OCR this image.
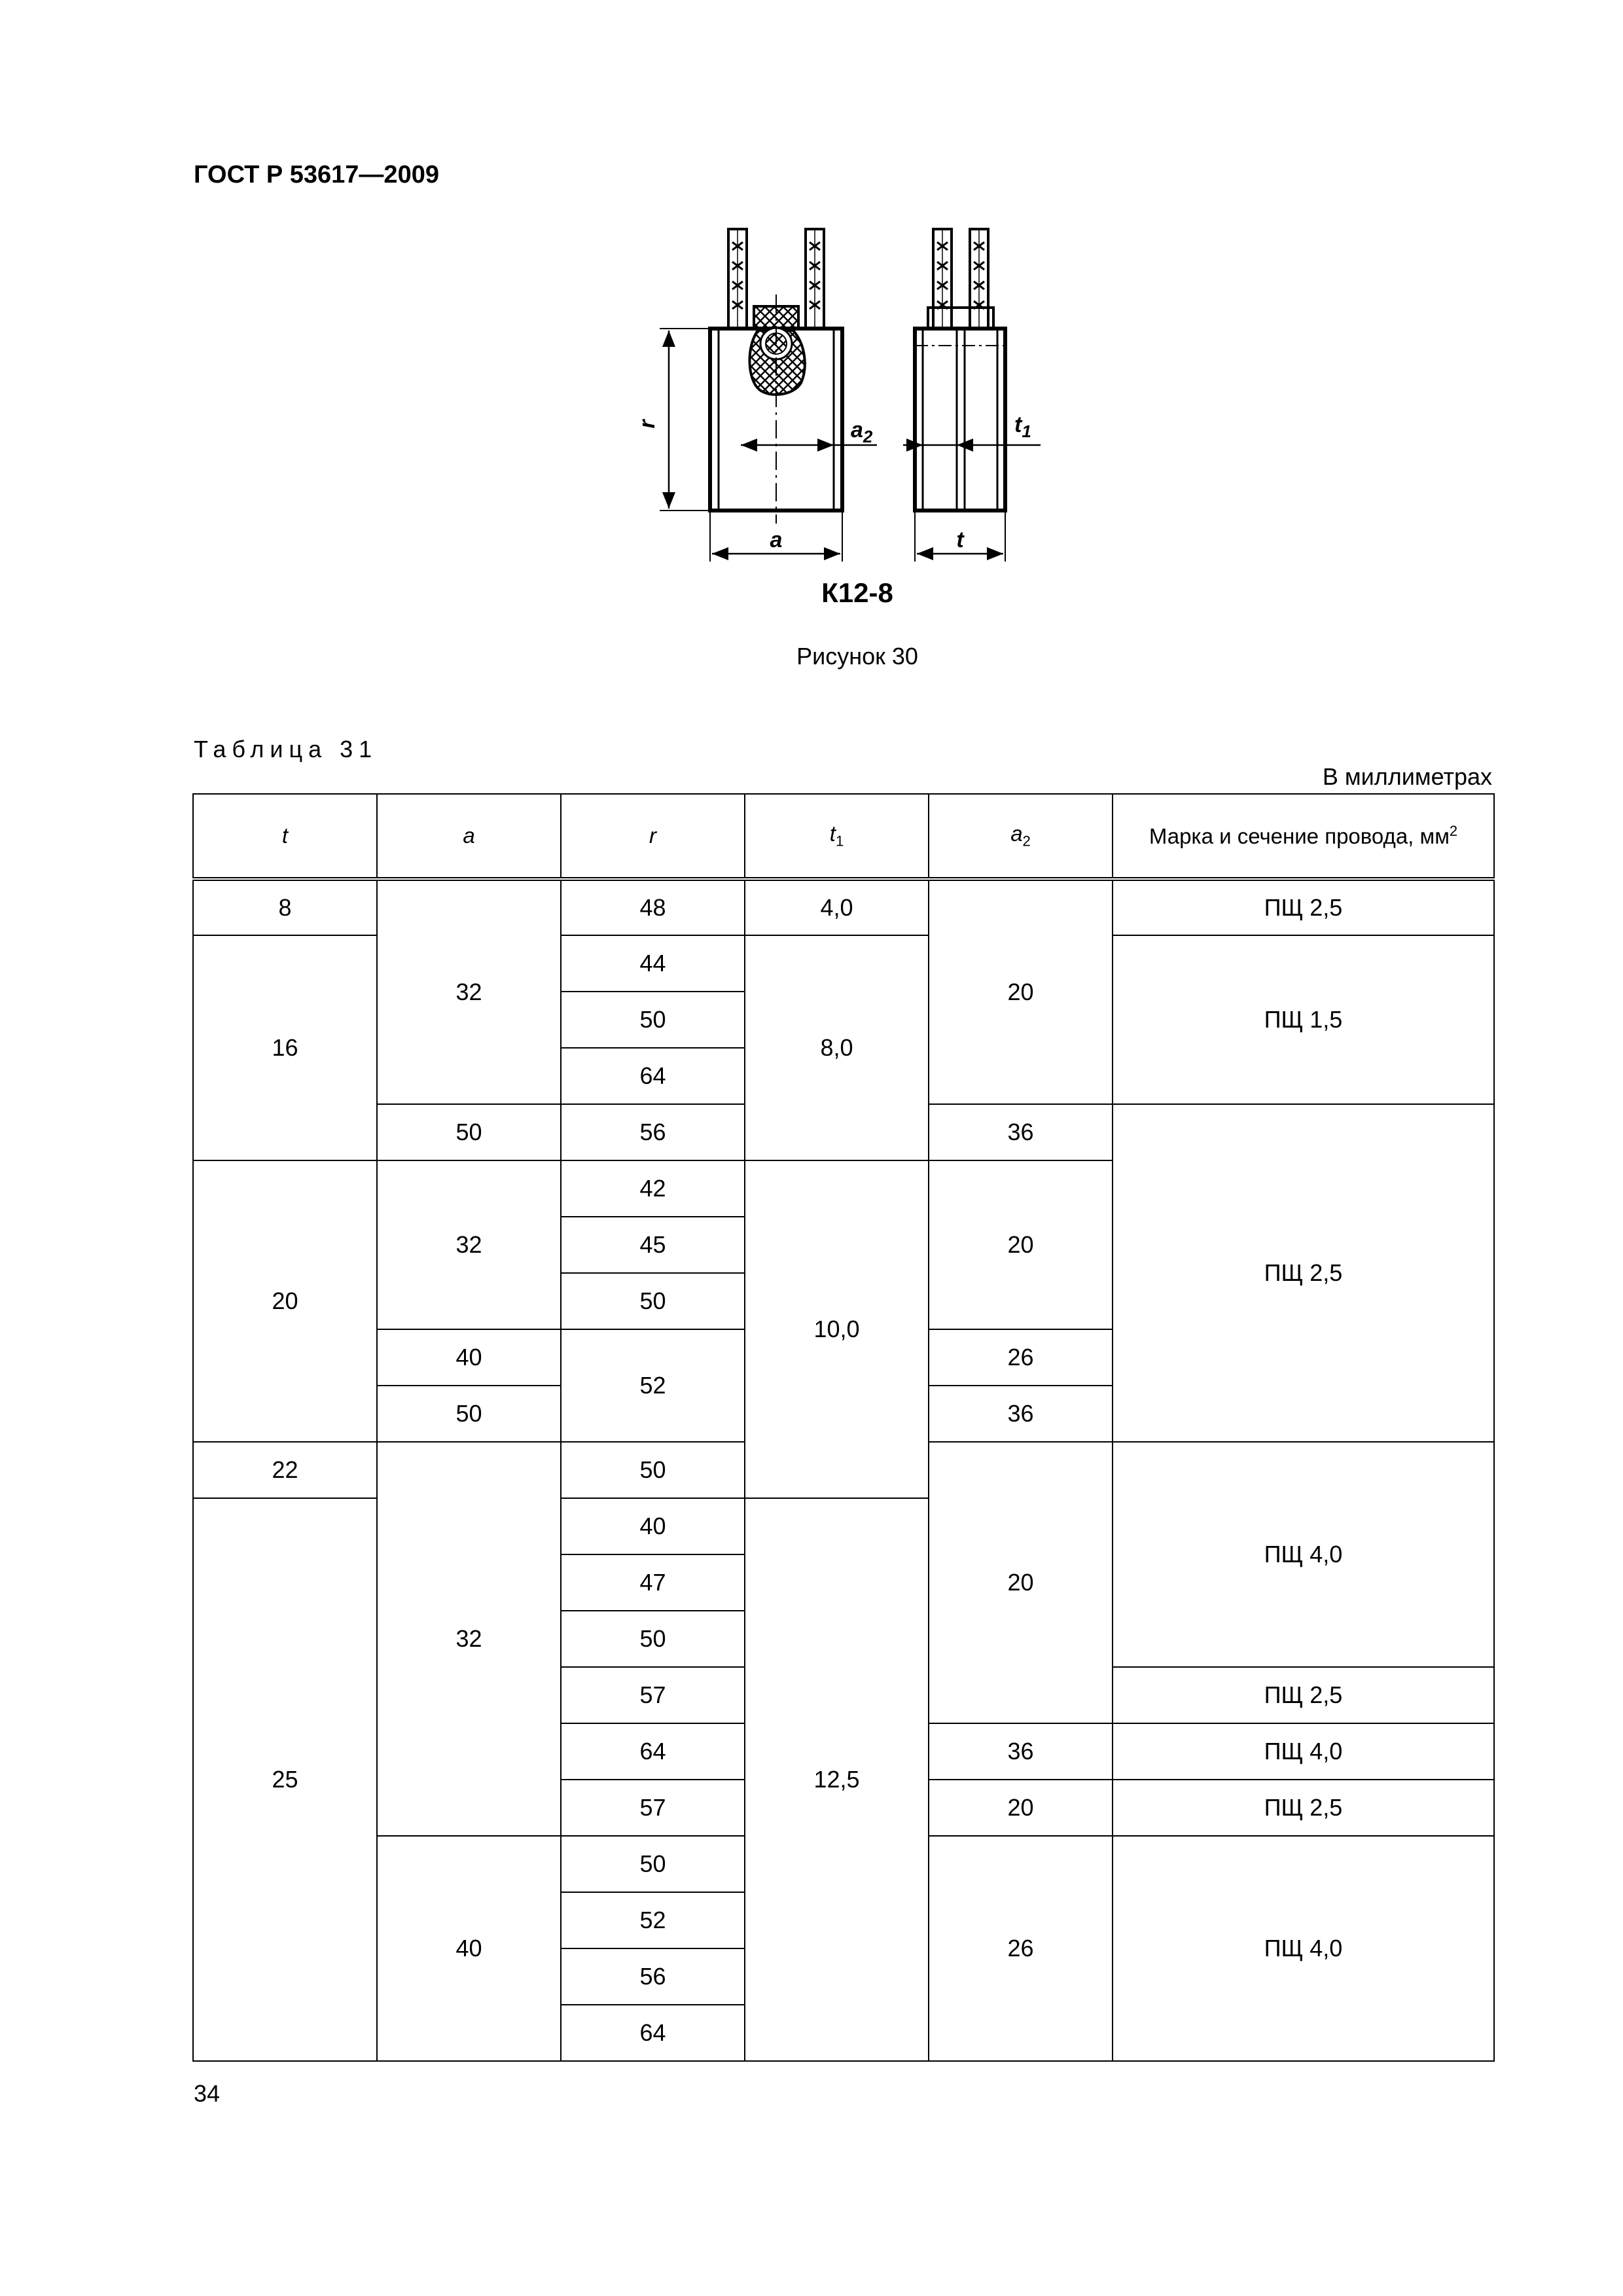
ГОСТ Р 53617—2009
r	$a_2$	$t_1$
a	t
К12-8
Рисунок 30
Таблица 31
В миллиметрах
t	a	r	$t_1$	$a_2$	Марка и сечение провода, $мм^2$
8	32	48	4,0	20	ПЩ 2,5
16		44	8,0		ПЩ 1,5
		50			
		64			
	50	56		36	ПЩ 2,5
20	32	42	10,0	20	
		45			
		50			
	40	52		26	
	50			36	
22	32	50		20	ПЩ 4,0
25		40	12,5		
		47			
		50			
		57			ПЩ 2,5
		64		36	ПЩ 4,0
		57		20	ПЩ 2,5
	40	50		26	ПЩ 4,0
		52			
		56			
		64			
34
